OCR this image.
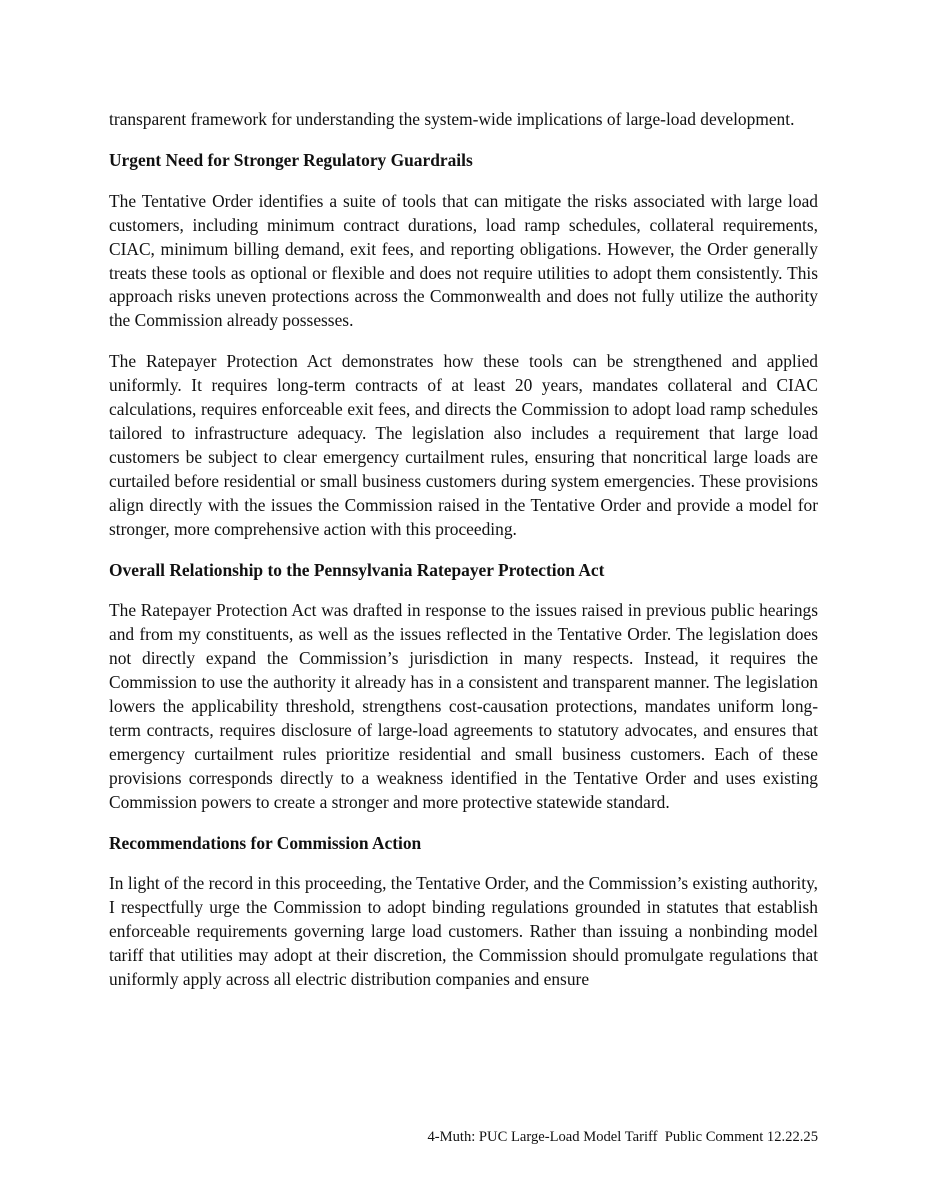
transparent framework for understanding the system-wide implications of large-load development.

Urgent Need for Stronger Regulatory Guardrails

The Tentative Order identifies a suite of tools that can mitigate the risks associated with large load customers, including minimum contract durations, load ramp schedules, collateral requirements, CIAC, minimum billing demand, exit fees, and reporting obligations. However, the Order generally treats these tools as optional or flexible and does not require utilities to adopt them consistently. This approach risks uneven protections across the Commonwealth and does not fully utilize the authority the Commission already possesses.

The Ratepayer Protection Act demonstrates how these tools can be strengthened and applied uniformly. It requires long-term contracts of at least 20 years, mandates collateral and CIAC calculations, requires enforceable exit fees, and directs the Commission to adopt load ramp schedules tailored to infrastructure adequacy. The legislation also includes a requirement that large load customers be subject to clear emergency curtailment rules, ensuring that noncritical large loads are curtailed before residential or small business customers during system emergencies. These provisions align directly with the issues the Commission raised in the Tentative Order and provide a model for stronger, more comprehensive action with this proceeding.

Overall Relationship to the Pennsylvania Ratepayer Protection Act

The Ratepayer Protection Act was drafted in response to the issues raised in previous public hearings and from my constituents, as well as the issues reflected in the Tentative Order. The legislation does not directly expand the Commission’s jurisdiction in many respects. Instead, it requires the Commission to use the authority it already has in a consistent and transparent manner. The legislation lowers the applicability threshold, strengthens cost-causation protections, mandates uniform long-term contracts, requires disclosure of large-load agreements to statutory advocates, and ensures that emergency curtailment rules prioritize residential and small business customers. Each of these provisions corresponds directly to a weakness identified in the Tentative Order and uses existing Commission powers to create a stronger and more protective statewide standard.

Recommendations for Commission Action

In light of the record in this proceeding, the Tentative Order, and the Commission’s existing authority, I respectfully urge the Commission to adopt binding regulations grounded in statutes that establish enforceable requirements governing large load customers. Rather than issuing a nonbinding model tariff that utilities may adopt at their discretion, the Commission should promulgate regulations that uniformly apply across all electric distribution companies and ensure

4-Muth: PUC Large-Load Model Tariff  Public Comment 12.22.25
